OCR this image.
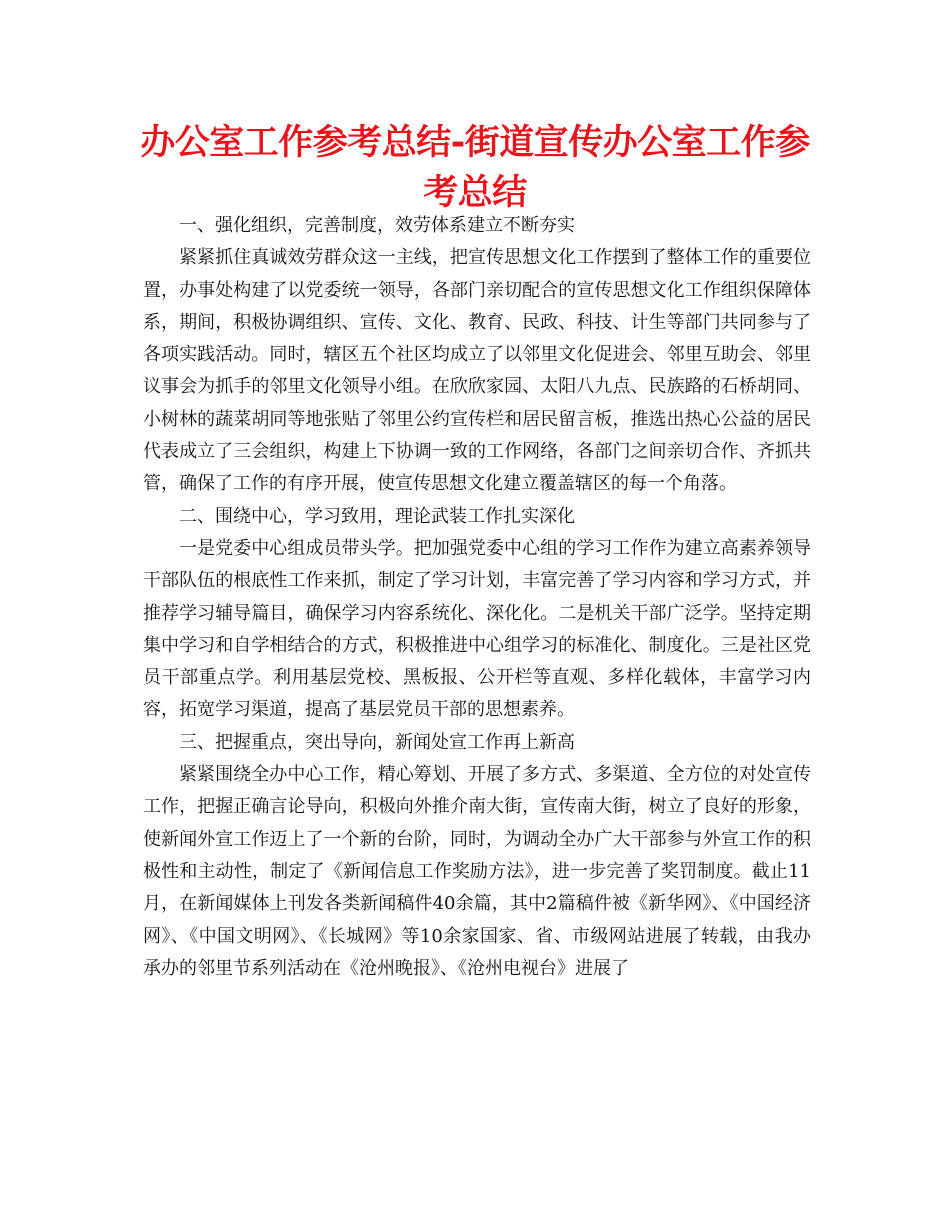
办公室工作参考总结-街道宣传办公室工作参考总结

一、强化组织，完善制度，效劳体系建立不断夯实

紧紧抓住真诚效劳群众这一主线，把宣传思想文化工作摆到了整体工作的重要位置，办事处构建了以党委统一领导，各部门亲切配合的宣传思想文化工作组织保障体系，期间，积极协调组织、宣传、文化、教育、民政、科技、计生等部门共同参与了各项实践活动。同时，辖区五个社区均成立了以邻里文化促进会、邻里互助会、邻里议事会为抓手的邻里文化领导小组。在欣欣家园、太阳八九点、民族路的石桥胡同、小树林的蔬菜胡同等地张贴了邻里公约宣传栏和居民留言板，推选出热心公益的居民代表成立了三会组织，构建上下协调一致的工作网络，各部门之间亲切合作、齐抓共管，确保了工作的有序开展，使宣传思想文化建立覆盖辖区的每一个角落。

二、围绕中心，学习致用，理论武装工作扎实深化

一是党委中心组成员带头学。把加强党委中心组的学习工作作为建立高素养领导干部队伍的根底性工作来抓，制定了学习计划，丰富完善了学习内容和学习方式，并推荐学习辅导篇目，确保学习内容系统化、深化化。二是机关干部广泛学。坚持定期集中学习和自学相结合的方式，积极推进中心组学习的标准化、制度化。三是社区党员干部重点学。利用基层党校、黑板报、公开栏等直观、多样化载体，丰富学习内容，拓宽学习渠道，提高了基层党员干部的思想素养。

三、把握重点，突出导向，新闻处宣工作再上新高

紧紧围绕全办中心工作，精心筹划、开展了多方式、多渠道、全方位的对处宣传工作，把握正确言论导向，积极向外推介南大街，宣传南大街，树立了良好的形象，使新闻外宣工作迈上了一个新的台阶，同时，为调动全办广大干部参与外宣工作的积极性和主动性，制定了《新闻信息工作奖励方法》，进一步完善了奖罚制度。截止11月，在新闻媒体上刊发各类新闻稿件40余篇，其中2篇稿件被《新华网》、《中国经济网》、《中国文明网》、《长城网》等10余家国家、省、市级网站进展了转载，由我办承办的邻里节系列活动在《沧州晚报》、《沧州电视台》进展了
